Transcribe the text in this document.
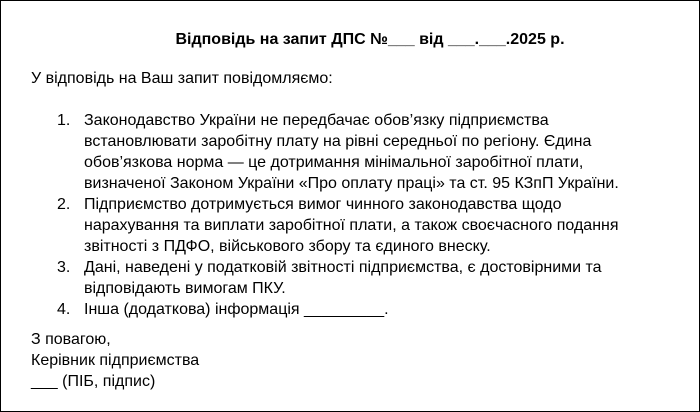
Відповідь на запит ДПС №___ від ___.___.2025 р.
У відповідь на Ваш запит повідомляємо:
1. Законодавство України не передбачає обов’язку підприємства
встановлювати заробітну плату на рівні середньої по регіону. Єдина
обов’язкова норма — це дотримання мінімальної заробітної плати,
визначеної Законом України «Про оплату праці» та ст. 95 КЗпП України.
2. Підприємство дотримується вимог чинного законодавства щодо
нарахування та виплати заробітної плати, а також своєчасного подання
звітності з ПДФО, військового збору та єдиного внеску.
3. Дані, наведені у податковій звітності підприємства, є достовірними та
відповідають вимогам ПКУ.
4. Інша (додаткова) інформація _________.
З повагою,
Керівник підприємства
___ (ПІБ, підпис)
